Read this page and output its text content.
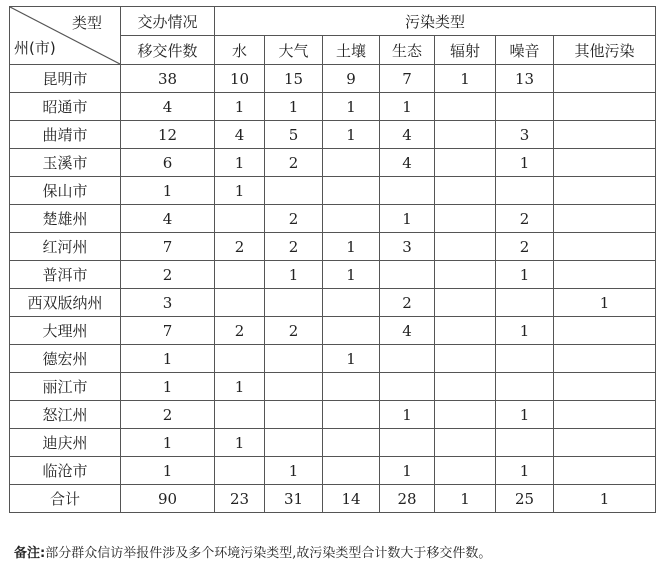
类型
州(市)	交办情况	污染类型						
	移交件数	水	大气	土壤	生态	辐射	噪音	其他污染
昆明市	38	10	15	9	7	1	13	
昭通市	4	1	1	1	1			
曲靖市	12	4	5	1	4		3	
玉溪市	6	1	2		4		1	
保山市	1	1						
楚雄州	4		2		1		2	
红河州	7	2	2	1	3		2	
普洱市	2		1	1			1	
西双版纳州	3				2			1
大理州	7	2	2		4		1	
德宏州	1			1				
丽江市	1	1						
怒江州	2				1		1	
迪庆州	1	1						
临沧市	1		1		1		1	
合计	90	23	31	14	28	1	25	1
备注:部分群众信访举报件涉及多个环境污染类型,故污染类型合计数大于移交件数。
